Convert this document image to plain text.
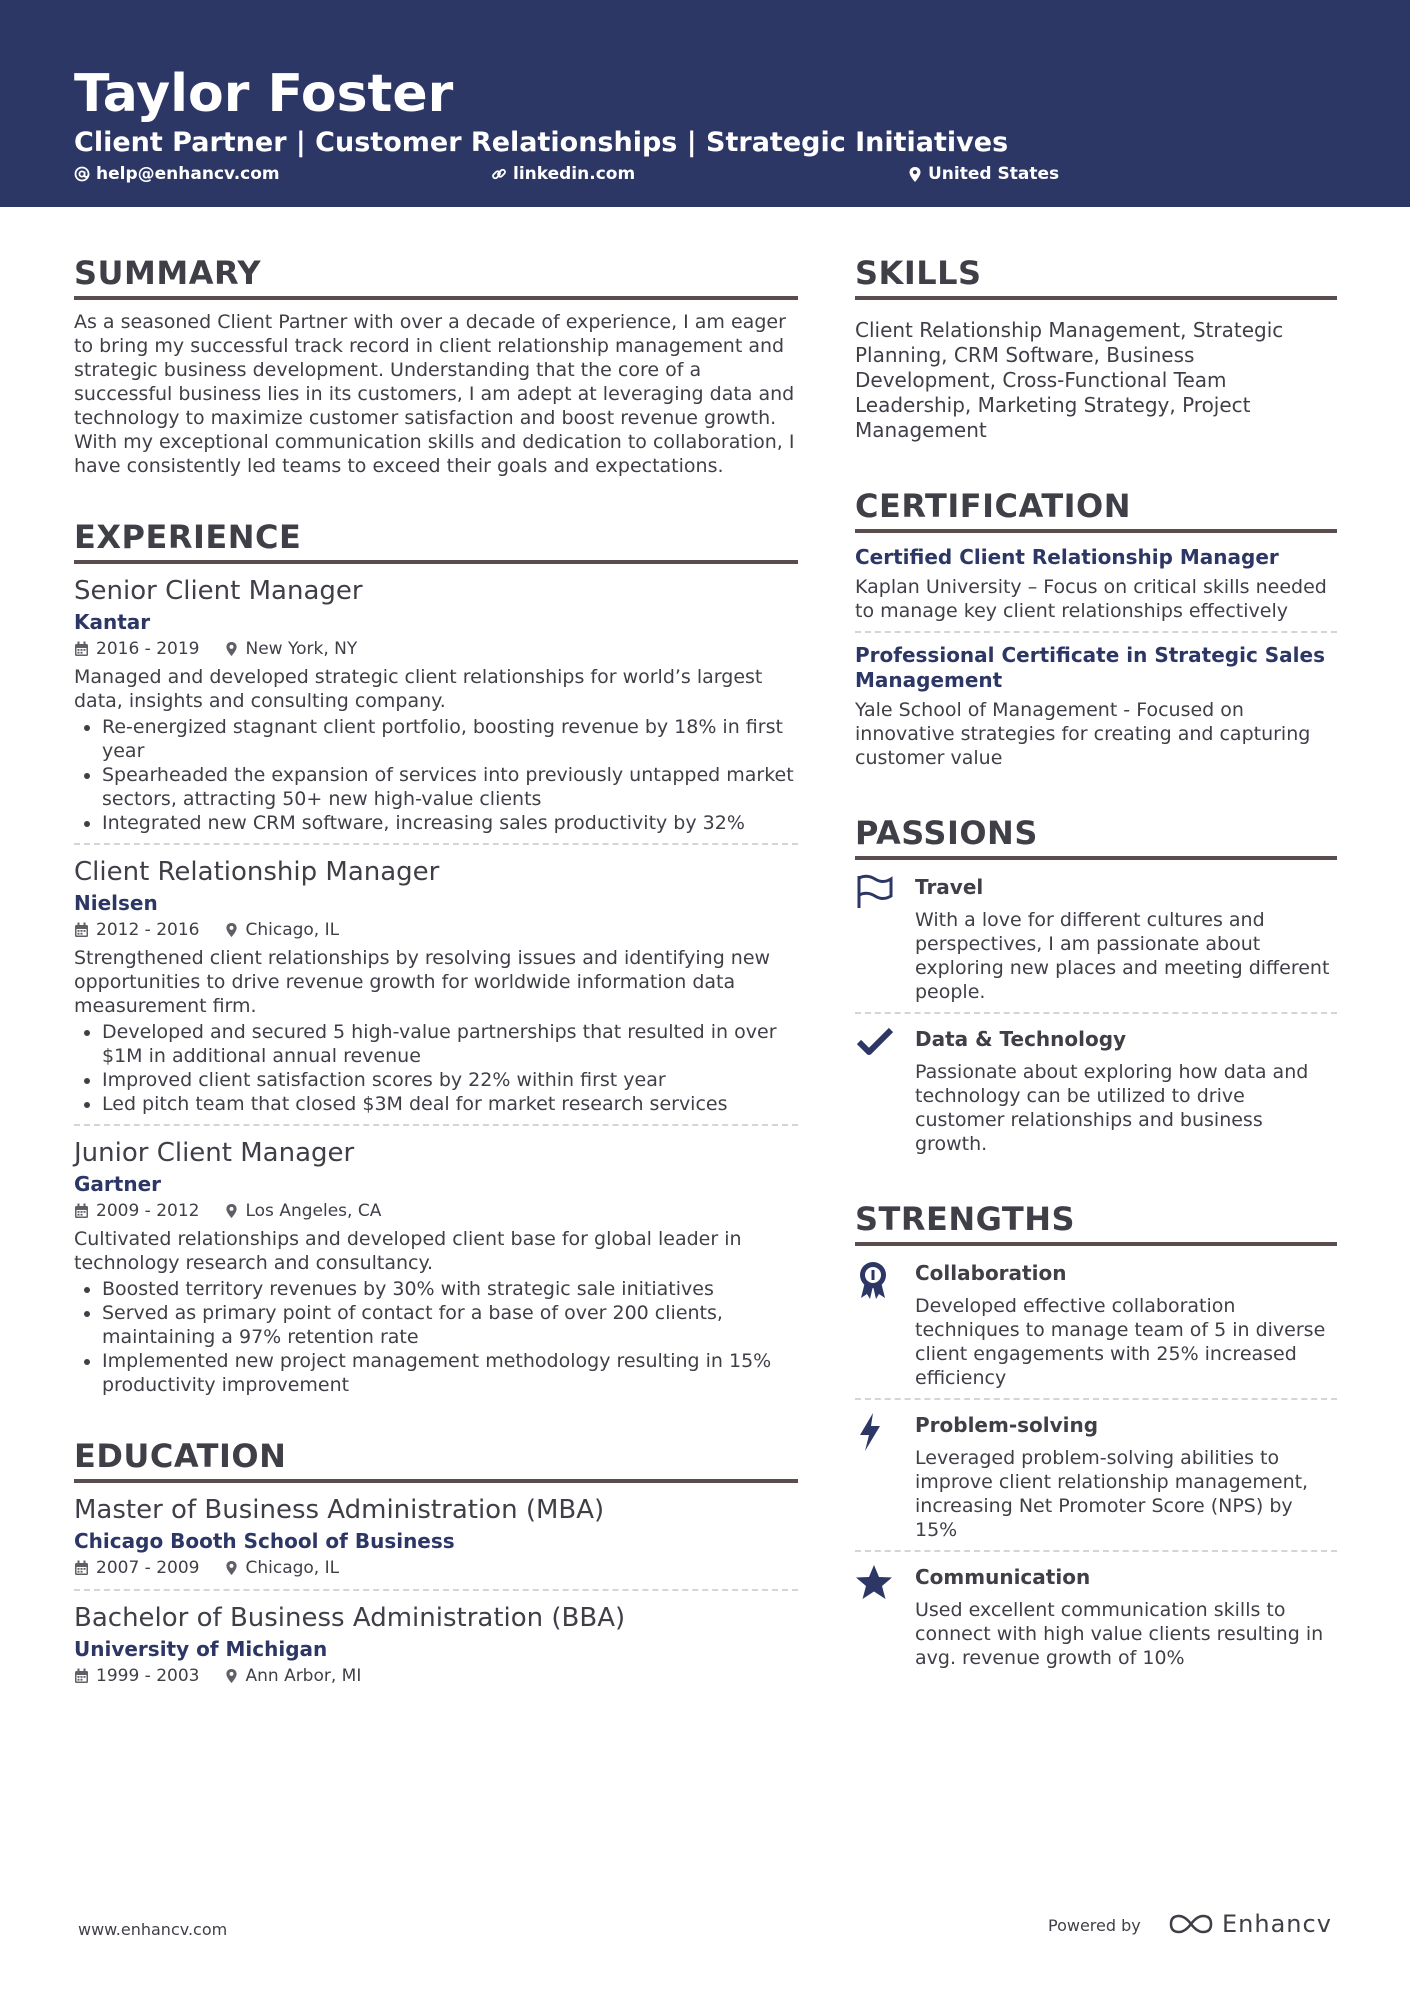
Taylor Foster
Client Partner | Customer Relationships | Strategic Initiatives
help@enhancv.com	linkedin.com	United States
SUMMARY

As a seasoned Client Partner with over a decade of experience, I am eager to bring my successful track record in client relationship management and strategic business development. Understanding that the core of a successful business lies in its customers, I am adept at leveraging data and technology to maximize customer satisfaction and boost revenue growth. With my exceptional communication skills and dedication to collaboration, I have consistently led teams to exceed their goals and expectations.

EXPERIENCE
Senior Client Manager
Kantar
2016 - 2019	New York, NY

Managed and developed strategic client relationships for world’s largest data, insights and consulting company.

• Re-energized stagnant client portfolio, boosting revenue by 18% in first year
• Spearheaded the expansion of services into previously untapped market sectors, attracting 50+ new high-value clients
• Integrated new CRM software, increasing sales productivity by 32%
Client Relationship Manager
Nielsen
2012 - 2016	Chicago, IL

Strengthened client relationships by resolving issues and identifying new opportunities to drive revenue growth for worldwide information data measurement firm.

• Developed and secured 5 high-value partnerships that resulted in over $1M in additional annual revenue
• Improved client satisfaction scores by 22% within first year
• Led pitch team that closed $3M deal for market research services
Junior Client Manager
Gartner
2009 - 2012	Los Angeles, CA

Cultivated relationships and developed client base for global leader in technology research and consultancy.

• Boosted territory revenues by 30% with strategic sale initiatives
• Served as primary point of contact for a base of over 200 clients, maintaining a 97% retention rate
• Implemented new project management methodology resulting in 15% productivity improvement
EDUCATION
Master of Business Administration (MBA)
Chicago Booth School of Business
2007 - 2009	Chicago, IL
Bachelor of Business Administration (BBA)
University of Michigan
1999 - 2003	Ann Arbor, MI
SKILLS

Client Relationship Management, Strategic Planning, CRM Software, Business Development, Cross-Functional Team Leadership, Marketing Strategy, Project Management

CERTIFICATION
Certified Client Relationship Manager

Kaplan University – Focus on critical skills needed to manage key client relationships effectively

Professional Certificate in Strategic Sales Management

Yale School of Management - Focused on innovative strategies for creating and capturing customer value

PASSIONS
Travel

With a love for different cultures and perspectives, I am passionate about exploring new places and meeting different people.

Data & Technology

Passionate about exploring how data and technology can be utilized to drive customer relationships and business growth.

STRENGTHS
Collaboration

Developed effective collaboration techniques to manage team of 5 in diverse client engagements with 25% increased efficiency

Problem-solving

Leveraged problem-solving abilities to improve client relationship management, increasing Net Promoter Score (NPS) by 15%

Communication

Used excellent communication skills to connect with high value clients resulting in avg. revenue growth of 10%

www.enhancv.com	Powered by	Enhancv
